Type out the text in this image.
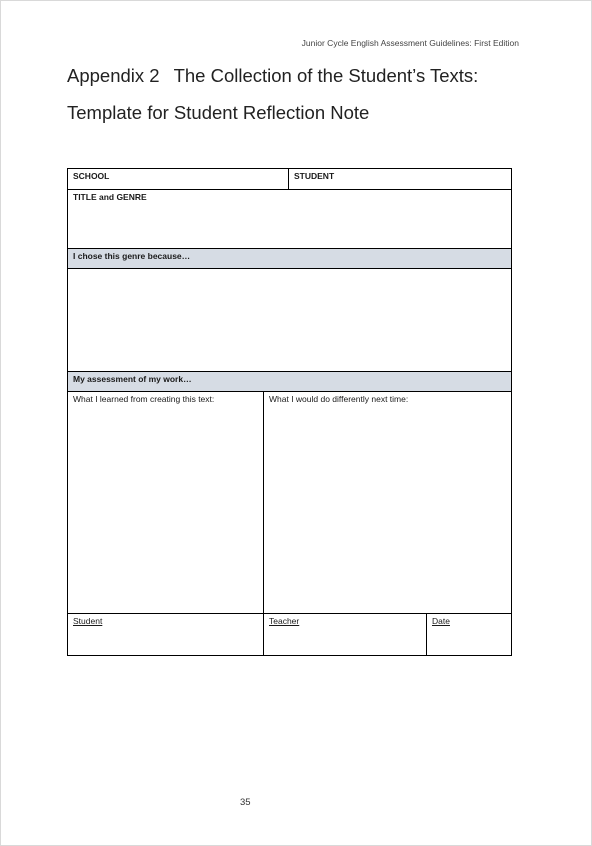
Junior Cycle English Assessment Guidelines: First Edition
Appendix 2 The Collection of the Student’s Texts:
Template for Student Reflection Note
SCHOOL		STUDENT	
TITLE and GENRE			
I chose this genre because…			

My assessment of my work…			
What I learned from creating this text:	What I would do differently next time:		
Student	Teacher		Date
35
